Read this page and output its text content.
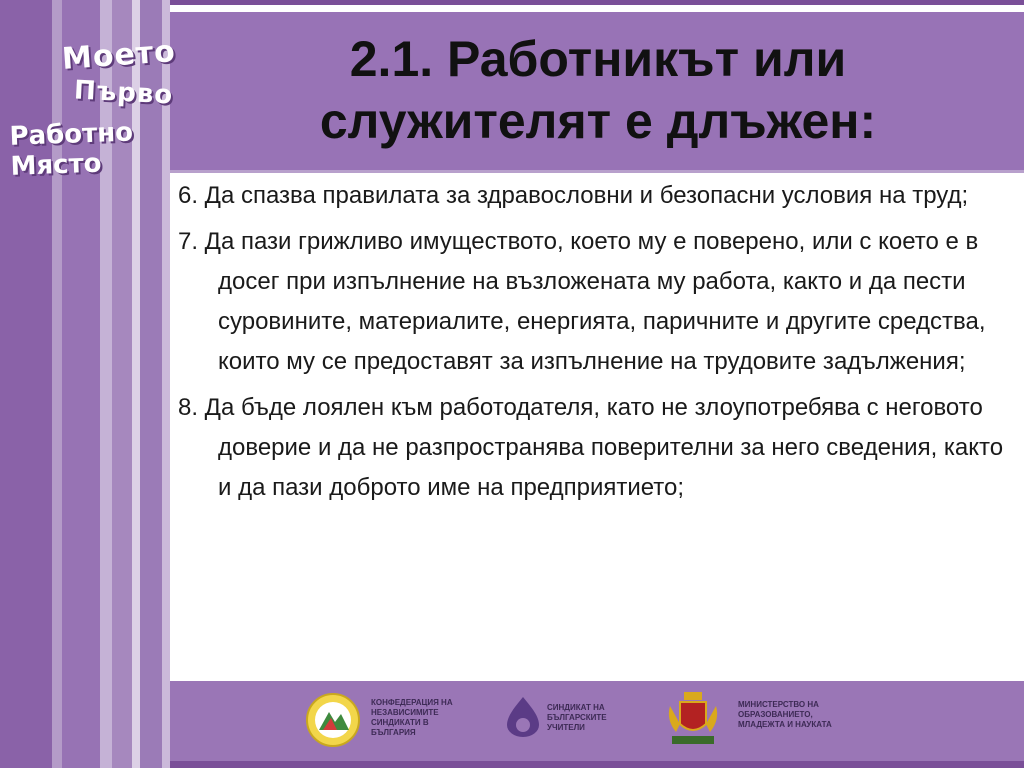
Моето
Първо
Работно Място
2.1. Работникът или
служителят е длъжен:

6. Да спазва правилата за здравословни и безопасни условия на труд;

7. Да пази грижливо имуществото, което му е поверено, или с което е в досег при изпълнение на възложената му работа, както и да пести суровините, материалите, енергията, паричните и другите средства, които му се предоставят за изпълнение на трудовите задължения;

8. Да бъде лоялен към работодателя, като не злоупотребява с неговото доверие и да не разпространява поверителни за него сведения, както и да пази доброто име на предприятието;

КОНФЕДЕРАЦИЯ НА
НЕЗАВИСИМИТЕ
СИНДИКАТИ В
БЪЛГАРИЯ
СИНДИКАТ НА
БЪЛГАРСКИТЕ
УЧИТЕЛИ
МИНИСТЕРСТВО НА
ОБРАЗОВАНИЕТО,
МЛАДЕЖТА И НАУКАТА
